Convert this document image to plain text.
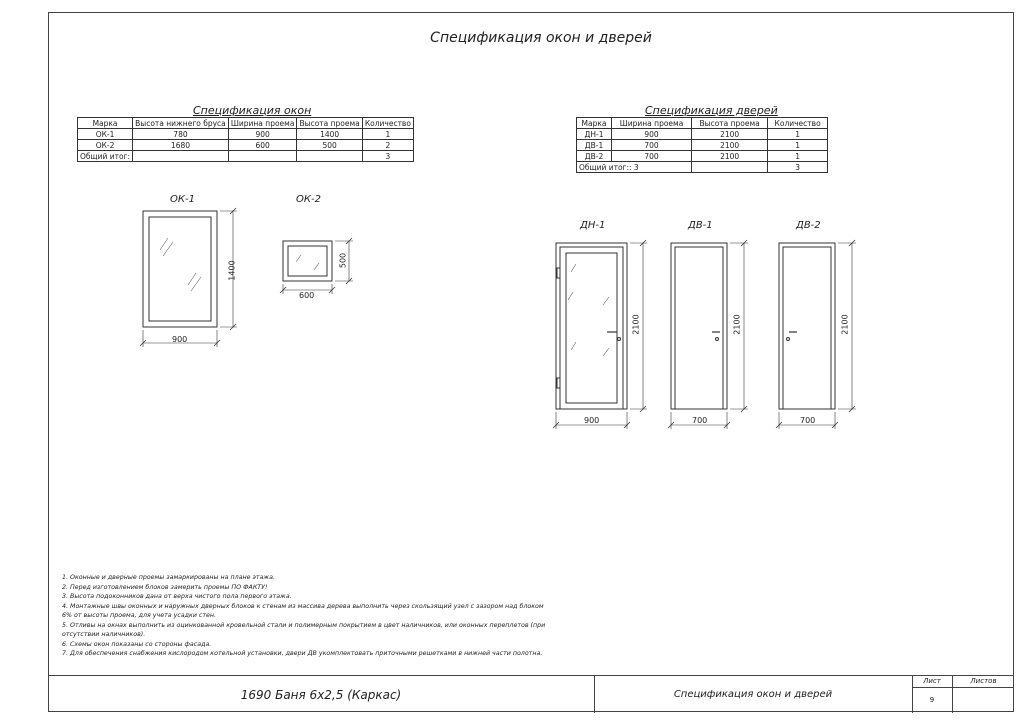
Спецификация окон и дверей
Спецификация окон
Марка	Высота нижнего бруса	Ширина проема	Высота проема	Количество
ОК-1	780	900	1400	1
ОК-2	1680	600	500	2
Общий итог:				3
Спецификация дверей
Марка	Ширина проема	Высота проема	Количество
ДН-1	900	2100	1
ДВ-1	700	2100	1
ДВ-2	700	2100	1
Общий итог:: 3			3
ОК-1
900
1400
ОК-2
600
500
ДН-1
900
2100
ДВ-1
700
2100
ДВ-2
700
2100
1. Оконные и дверные проемы замаркированы на плане этажа.
2. Перед изготовлением блоков замерить проемы ПО ФАКТУ!
3. Высота подоконников дана от верха чистого пола первого этажа.
4. Монтажные швы оконных и наружных дверных блоков к стенам из массива дерева выполнить через скользящий узел с зазором над блоком
6% от высоты проема, для учета усадки стен.
5. Отливы на окнах выполнить из оцинкованной кровельной стали и полимерным покрытием в цвет наличников, или оконных переплетов (при
отсутствии наличников).
6. Схемы окон показаны со стороны фасада.
7. Для обеспечения снабжения кислородом котельной установки, двери ДВ укомплектовать приточными решетками в нижней части полотна.
1690 Баня 6х2,5 (Каркас)	Спецификация окон и дверей
Лист	Листов
9
